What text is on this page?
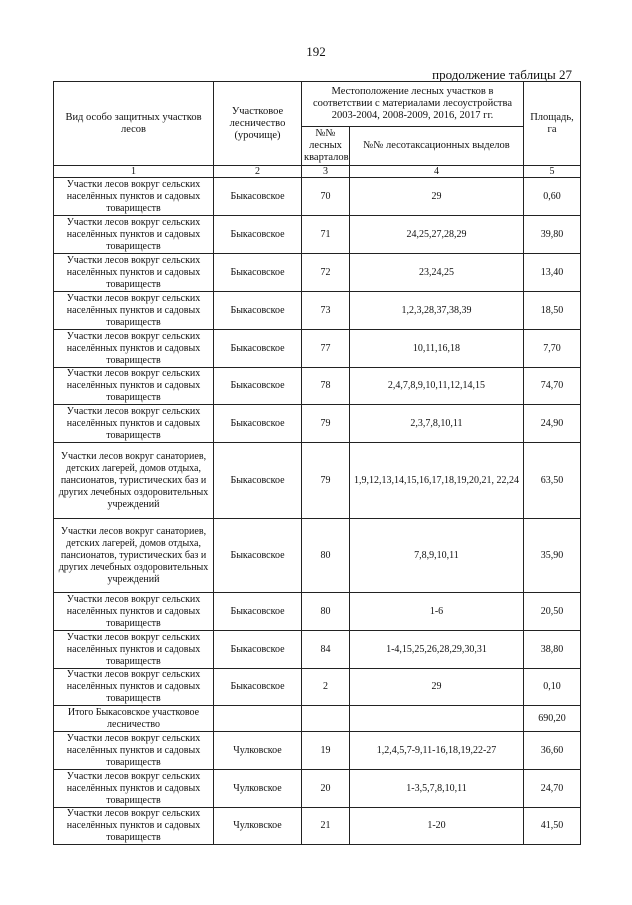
192
продолжение таблицы 27
Вид особо защитных участков лесов	Участковое лесничество (урочище)	Местоположение лесных участков в соответствии с материалами лесоустройства 2003-2004, 2008-2009, 2016, 2017 гг.		Площадь, га
		№№ лесных кварталов	№№ лесотаксационных выделов	
1	2	3	4	5
Участки лесов вокруг сельских населённых пунктов и садовых товариществ	Быкасовское	70	29	0,60
Участки лесов вокруг сельских населённых пунктов и садовых товариществ	Быкасовское	71	24,25,27,28,29	39,80
Участки лесов вокруг сельских населённых пунктов и садовых товариществ	Быкасовское	72	23,24,25	13,40
Участки лесов вокруг сельских населённых пунктов и садовых товариществ	Быкасовское	73	1,2,3,28,37,38,39	18,50
Участки лесов вокруг сельских населённых пунктов и садовых товариществ	Быкасовское	77	10,11,16,18	7,70
Участки лесов вокруг сельских населённых пунктов и садовых товариществ	Быкасовское	78	2,4,7,8,9,10,11,12,14,15	74,70
Участки лесов вокруг сельских населённых пунктов и садовых товариществ	Быкасовское	79	2,3,7,8,10,11	24,90
Участки лесов вокруг санаториев, детских лагерей, домов отдыха, пансионатов, туристических баз и других лечебных оздоровительных учреждений	Быкасовское	79	1,9,12,13,14,15,16,17,18,19,20,21, 22,24	63,50
Участки лесов вокруг санаториев, детских лагерей, домов отдыха, пансионатов, туристических баз и других лечебных оздоровительных учреждений	Быкасовское	80	7,8,9,10,11	35,90
Участки лесов вокруг сельских населённых пунктов и садовых товариществ	Быкасовское	80	1-6	20,50
Участки лесов вокруг сельских населённых пунктов и садовых товариществ	Быкасовское	84	1-4,15,25,26,28,29,30,31	38,80
Участки лесов вокруг сельских населённых пунктов и садовых товариществ	Быкасовское	2	29	0,10
Итого Быкасовское участковое лесничество				690,20
Участки лесов вокруг сельских населённых пунктов и садовых товариществ	Чулковское	19	1,2,4,5,7-9,11-16,18,19,22-27	36,60
Участки лесов вокруг сельских населённых пунктов и садовых товариществ	Чулковское	20	1-3,5,7,8,10,11	24,70
Участки лесов вокруг сельских населённых пунктов и садовых товариществ	Чулковское	21	1-20	41,50
